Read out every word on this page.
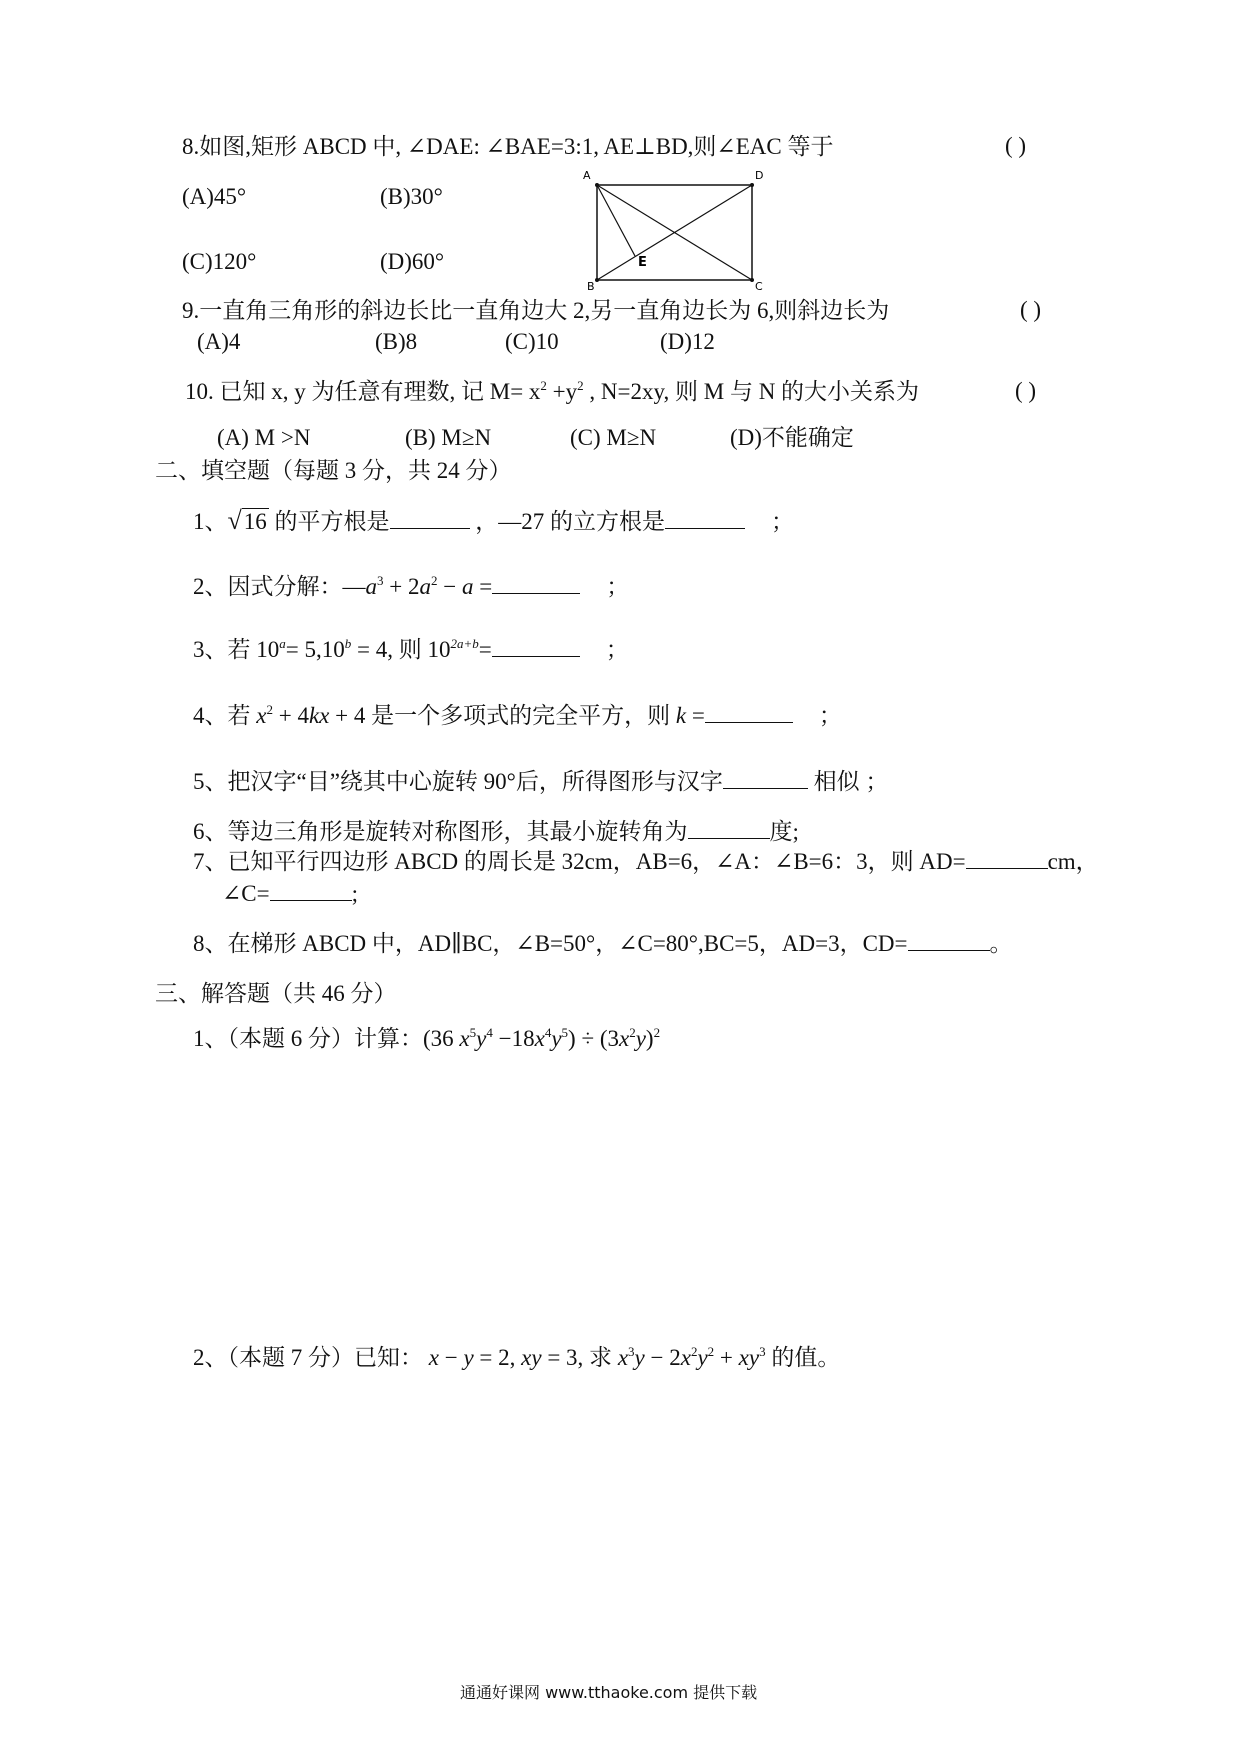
8.如图,矩形 ABCD 中, ∠DAE: ∠BAE=3:1, AE⊥BD,则∠EAC 等于	( )
(A)45°	(B)30°
(C)120°	(D)60°
A	D
B	C
E
9.一直角三角形的斜边长比一直角边大 2,另一直角边长为 6,则斜边长为	( )
(A)4	(B)8	(C)10	(D)12
10. 已知 x, y 为任意有理数, 记 $M= x^2 +y^2$ , N=2xy, 则 M 与 N 的大小关系为	( )
(A) M >N	(B) M≥N	(C) M≥N	(D)不能确定
二、填空题（每题 3 分，共 24 分）
1、√16 的平方根是	，—27 的立方根是	；
2、因式分解：$—a^3 + 2a^2 - a$ =	；
3、若 $10^a= 5,10^b = 4$, 则 $10^{2a+b}=$	；
4、若 $x^2 + 4kx + 4$ 是一个多项式的完全平方，则 k =	；
5、把汉字“目”绕其中心旋转 90°后，所得图形与汉字	相似 ；
6、等边三角形是旋转对称图形，其最小旋转角为	度;
7、已知平行四边形 ABCD 的周长是 32cm，AB=6，∠A：∠B=6：3，则 AD=	cm，
∠C=	;
8、在梯形 ABCD 中，AD∥BC，∠B=50°，∠C=80°,BC=5，AD=3，CD=	。
三、解答题（共 46 分）
1、（本题 6 分）计算：(36 $x^5y^4 -18x^4y^5) \div (3x^2y)^2$
2、（本题 7 分）已知： x − y = 2, xy = 3, 求 $x^3y - 2x^2y^2 + xy^3$ 的值。
通通好课网 www.tthaoke.com 提供下载
